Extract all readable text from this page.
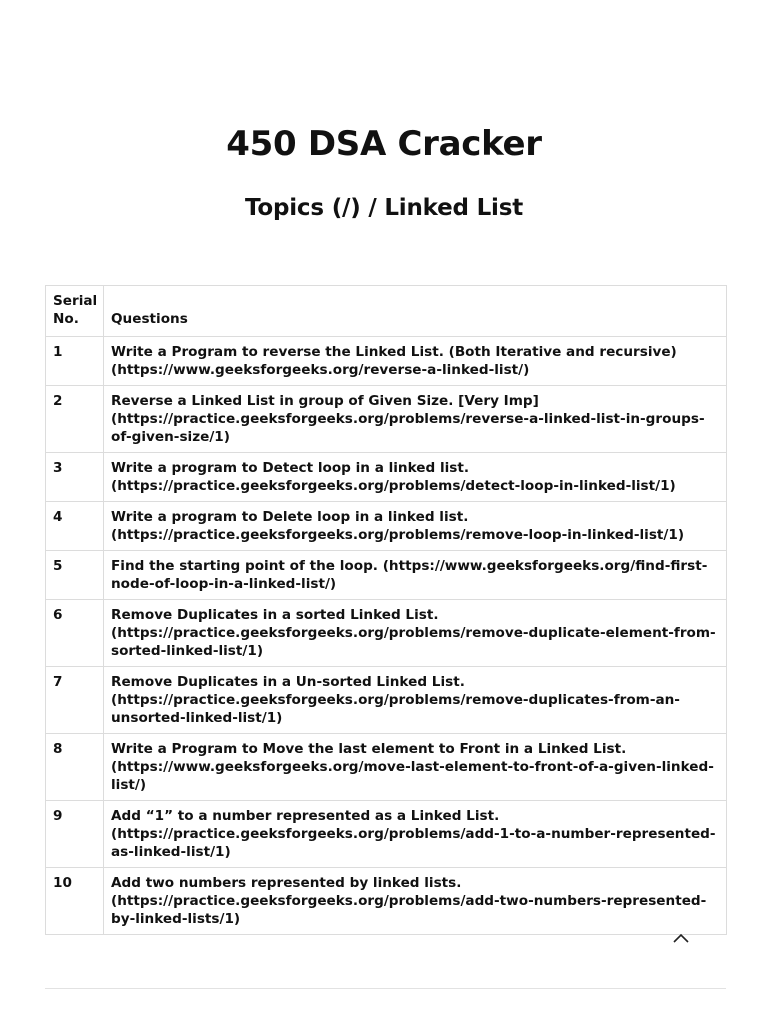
450 DSA Cracker
Topics (/) / Linked List
Serial
No.	Questions
1	Write a Program to reverse the Linked List. (Both Iterative and recursive) (https://www.geeksforgeeks.org/reverse-a-linked-list/)
2	Reverse a Linked List in group of Given Size. [Very Imp] (https://practice.geeksforgeeks.org/problems/reverse-a-linked-list-in-groups-of-given-size/1)
3	Write a program to Detect loop in a linked list. (https://practice.geeksforgeeks.org/problems/detect-loop-in-linked-list/1)
4	Write a program to Delete loop in a linked list. (https://practice.geeksforgeeks.org/problems/remove-loop-in-linked-list/1)
5	Find the starting point of the loop. (https://www.geeksforgeeks.org/find-first-node-of-loop-in-a-linked-list/)
6	Remove Duplicates in a sorted Linked List. (https://practice.geeksforgeeks.org/problems/remove-duplicate-element-from-sorted-linked-list/1)
7	Remove Duplicates in a Un-sorted Linked List. (https://practice.geeksforgeeks.org/problems/remove-duplicates-from-an-unsorted-linked-list/1)
8	Write a Program to Move the last element to Front in a Linked List. (https://www.geeksforgeeks.org/move-last-element-to-front-of-a-given-linked-list/)
9	Add “1” to a number represented as a Linked List. (https://practice.geeksforgeeks.org/problems/add-1-to-a-number-represented-as-linked-list/1)
10	Add two numbers represented by linked lists. (https://practice.geeksforgeeks.org/problems/add-two-numbers-represented-by-linked-lists/1)
